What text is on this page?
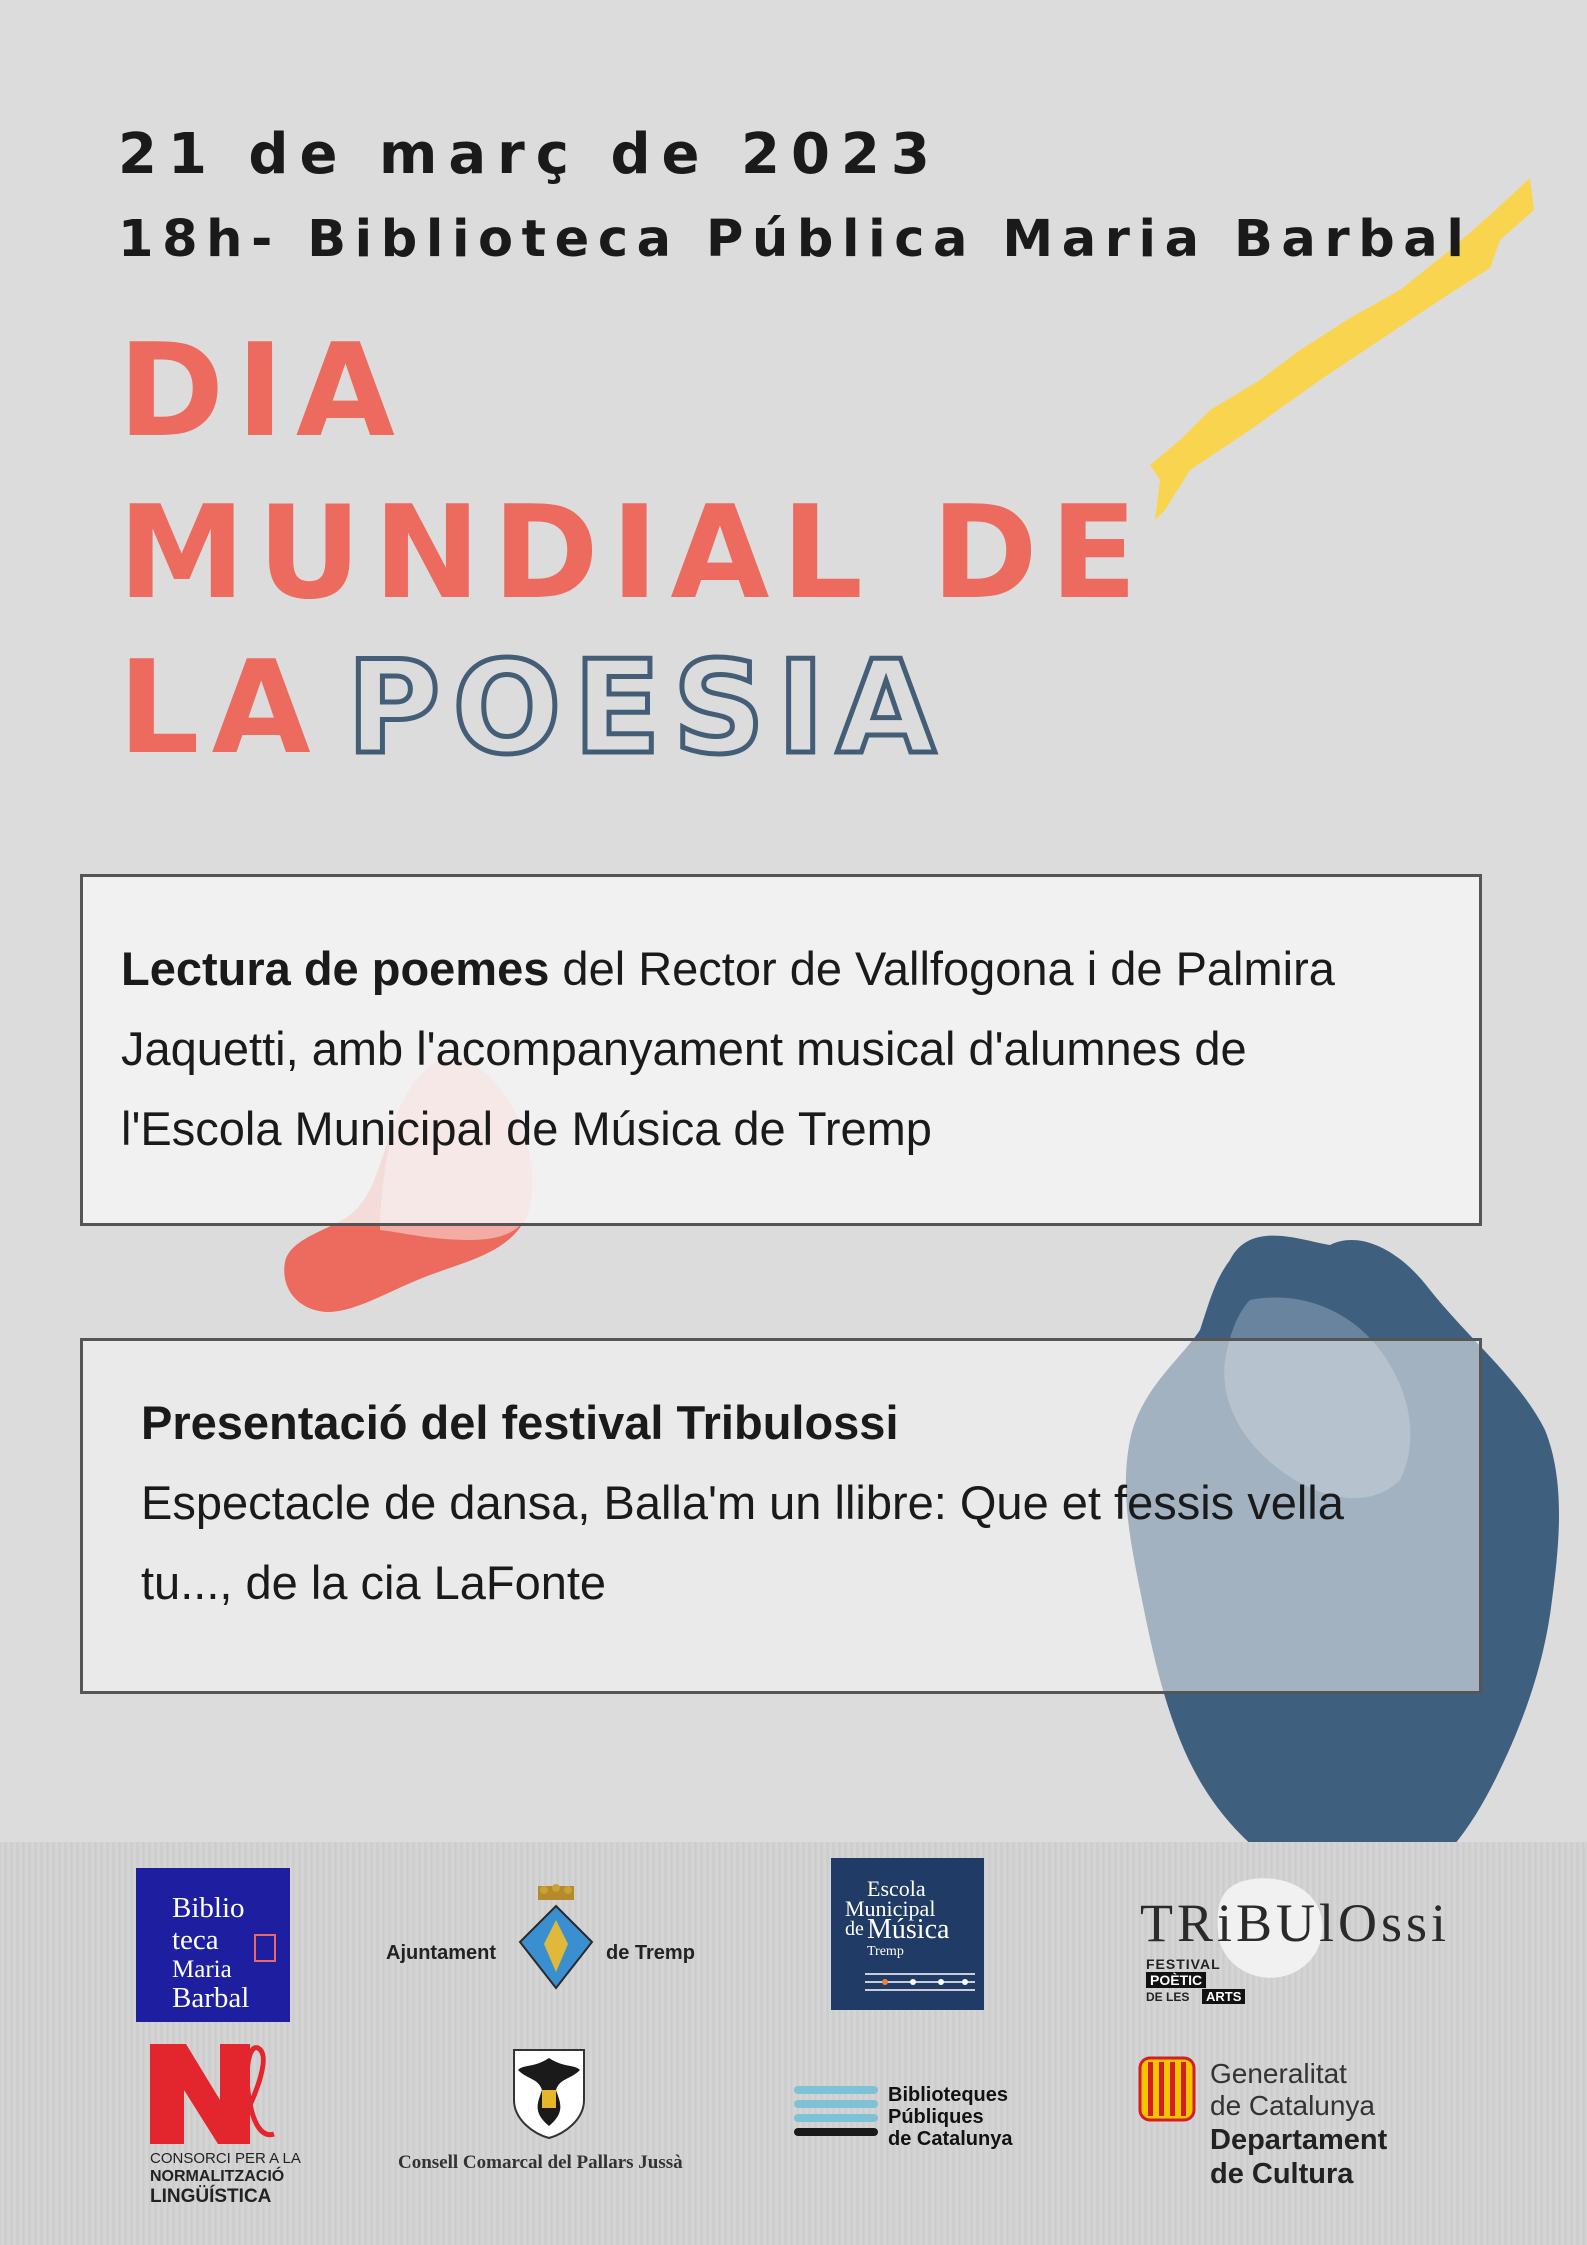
21 de març de 2023
18h- Biblioteca Pública Maria Barbal
DIA
MUNDIAL DE
LA POESIA
Lectura de poemes del Rector de Vallfogona i de Palmira
Jaquetti, amb l'acompanyament musical d'alumnes de
l'Escola Municipal de Música de Tremp
Presentació del festival Tribulossi
Espectacle de dansa, Balla'm un llibre: Que et fessis vella
tu..., de la cia LaFonte
Biblio
teca
Maria
Barbal
Ajuntament	de Tremp
Escola
Municipal
de Música
Tremp	TRiBUlOssi
FESTIVAL
POÈTIC
DE LES	ARTS
CONSORCI PER A LA
NORMALITZACIÓ
LINGÜÍSTICA
Consell Comarcal del Pallars Jussà
Biblioteques
Públiques
de Catalunya
Generalitat
de Catalunya
Departament
de Cultura
